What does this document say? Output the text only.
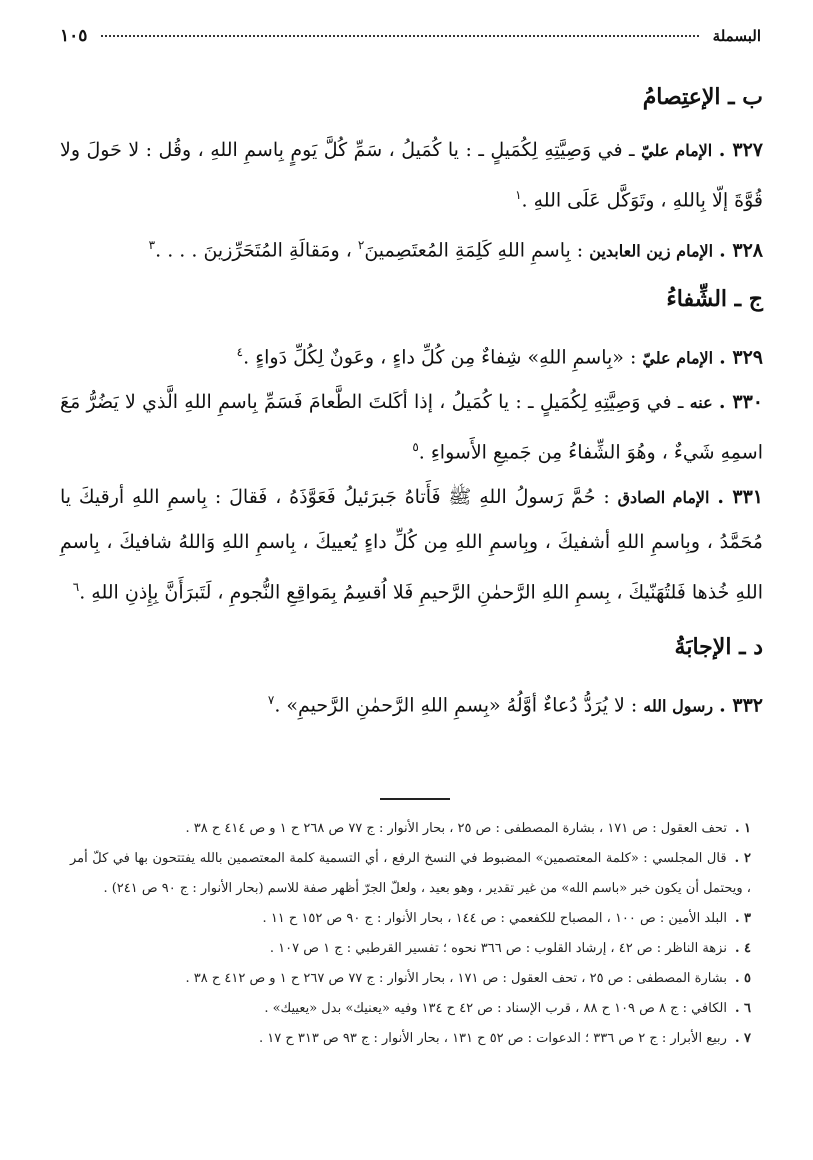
البسملة
١٠٥
ب ـ الإعتِصامُ

٣٢٧ . الإمام عليّ ـ في وَصِيَّتِهِ لِكُمَيلٍ ـ : يا كُمَيلُ ، سَمِّ كُلَّ يَومٍ بِاسمِ اللهِ ، وقُل : لا حَولَ ولا قُوَّةَ إلّا بِاللهِ ، وتَوَكَّل عَلَى اللهِ .$^١$

٣٢٨ . الإمام زين العابدين : بِاسمِ اللهِ كَلِمَةِ المُعتَصِمينَ$^٢$ ، ومَقالَةِ المُتَحَرِّزينَ . . . .$^٣$

ج ـ الشِّفاءُ

٣٢٩ . الإمام عليّ : «بِاسمِ اللهِ» شِفاءٌ مِن كُلِّ داءٍ ، وعَونٌ لِكُلِّ دَواءٍ .$^٤$

٣٣٠ . عنه ـ في وَصِيَّتِهِ لِكُمَيلٍ ـ : يا كُمَيلُ ، إذا أكَلتَ الطَّعامَ فَسَمِّ بِاسمِ اللهِ الَّذي لا يَضُرُّ مَعَ اسمِهِ شَيءٌ ، وهُوَ الشِّفاءُ مِن جَميعِ الأَسواءِ .$^٥$

٣٣١ . الإمام الصادق : حُمَّ رَسولُ اللهِ ﷺ فَأَتاهُ جَبرَئيلُ فَعَوَّذَهُ ، فَقالَ : بِاسمِ اللهِ أرقيكَ يا مُحَمَّدُ ، وبِاسمِ اللهِ أشفيكَ ، وبِاسمِ اللهِ مِن كُلِّ داءٍ يُعييكَ ، بِاسمِ اللهِ وَاللهُ شافيكَ ، بِاسمِ اللهِ خُذها فَلتُهَنّيكَ ، بِسمِ اللهِ الرَّحمٰنِ الرَّحيمِ فَلا اُقسِمُ بِمَواقِعِ النُّجومِ ، لَتَبرَأَنَّ بِإِذنِ اللهِ .$^٦$

د ـ الإجابَةُ

٣٣٢ . رسول الله : لا يُرَدُّ دُعاءٌ أوَّلُهُ «بِسمِ اللهِ الرَّحمٰنِ الرَّحيمِ» .$^٧$

١ .تحف العقول : ص ١٧١ ، بشارة المصطفى : ص ٢٥ ، بحار الأنوار : ج ٧٧ ص ٢٦٨ ح ١ و ص ٤١٤ ح ٣٨ .

٢ .قال المجلسي : «كلمة المعتصمين» المضبوط في النسخ الرفع ، أي التسمية كلمة المعتصمين بالله يفتتحون بها في كلّ أمر ، ويحتمل أن يكون خبر «باسم الله» من غير تقدير ، وهو بعيد ، ولعلّ الجرّ أظهر صفة للاسم (بحار الأنوار : ج ٩٠ ص ٢٤١) .

٣ .البلد الأمين : ص ١٠٠ ، المصباح للكفعمي : ص ١٤٤ ، بحار الأنوار : ج ٩٠ ص ١٥٢ ح ١١ .

٤ .نزهة الناظر : ص ٤٢ ، إرشاد القلوب : ص ٣٦٦ نحوه ؛ تفسير القرطبي : ج ١ ص ١٠٧ .

٥ .بشارة المصطفى : ص ٢٥ ، تحف العقول : ص ١٧١ ، بحار الأنوار : ج ٧٧ ص ٢٦٧ ح ١ و ص ٤١٢ ح ٣٨ .

٦ .الكافي : ج ٨ ص ١٠٩ ح ٨٨ ، قرب الإسناد : ص ٤٢ ح ١٣٤ وفيه «يعنيك» بدل «يعييك» .

٧ .ربيع الأبرار : ج ٢ ص ٣٣٦ ؛ الدعوات : ص ٥٢ ح ١٣١ ، بحار الأنوار : ج ٩٣ ص ٣١٣ ح ١٧ .
